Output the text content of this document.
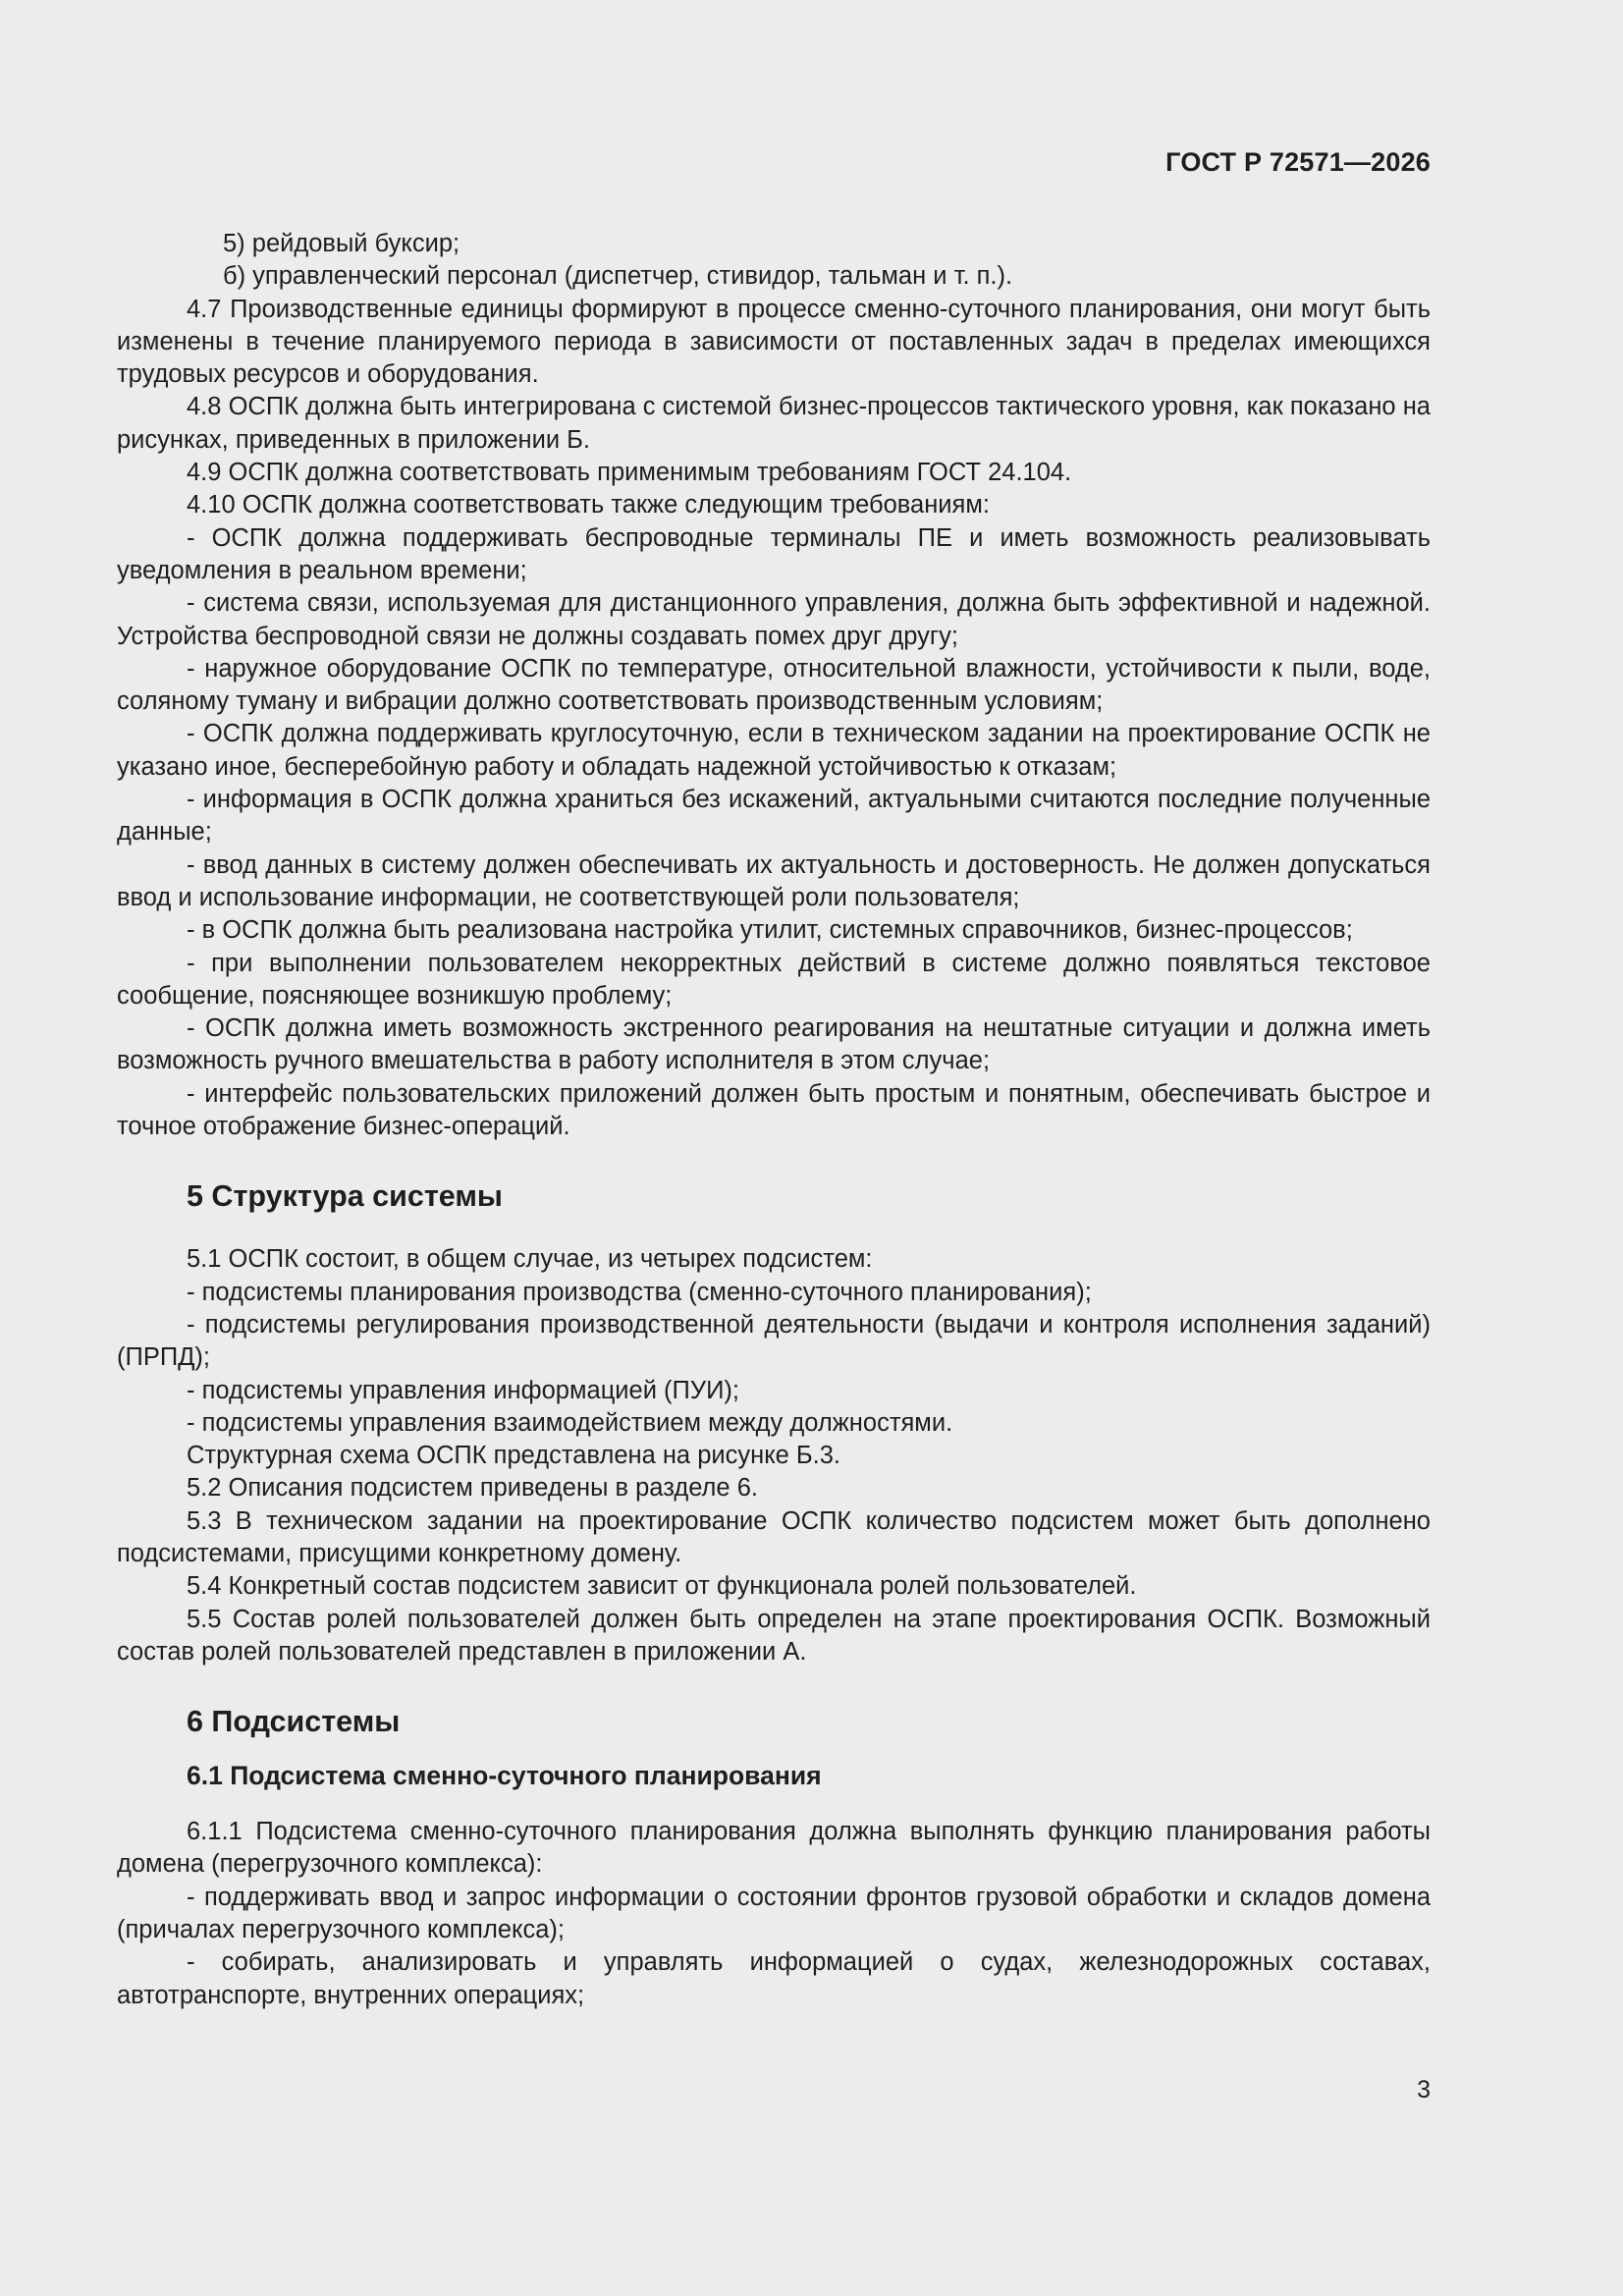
ГОСТ Р 72571—2026

5) рейдовый буксир;

б) управленческий персонал (диспетчер, стивидор, тальман и т. п.).

4.7 Производственные единицы формируют в процессе сменно-суточного планирования, они могут быть изменены в течение планируемого периода в зависимости от поставленных задач в пределах имеющихся трудовых ресурсов и оборудования.

4.8 ОСПК должна быть интегрирована с системой бизнес-процессов тактического уровня, как показано на рисунках, приведенных в приложении Б.

4.9 ОСПК должна соответствовать применимым требованиям ГОСТ 24.104.

4.10 ОСПК должна соответствовать также следующим требованиям:

- ОСПК должна поддерживать беспроводные терминалы ПЕ и иметь возможность реализовывать уведомления в реальном времени;

- система связи, используемая для дистанционного управления, должна быть эффективной и надежной. Устройства беспроводной связи не должны создавать помех друг другу;

- наружное оборудование ОСПК по температуре, относительной влажности, устойчивости к пыли, воде, соляному туману и вибрации должно соответствовать производственным условиям;

- ОСПК должна поддерживать круглосуточную, если в техническом задании на проектирование ОСПК не указано иное, бесперебойную работу и обладать надежной устойчивостью к отказам;

- информация в ОСПК должна храниться без искажений, актуальными считаются последние полученные данные;

- ввод данных в систему должен обеспечивать их актуальность и достоверность. Не должен допускаться ввод и использование информации, не соответствующей роли пользователя;

- в ОСПК должна быть реализована настройка утилит, системных справочников, бизнес-процессов;

- при выполнении пользователем некорректных действий в системе должно появляться текстовое сообщение, поясняющее возникшую проблему;

- ОСПК должна иметь возможность экстренного реагирования на нештатные ситуации и должна иметь возможность ручного вмешательства в работу исполнителя в этом случае;

- интерфейс пользовательских приложений должен быть простым и понятным, обеспечивать быстрое и точное отображение бизнес-операций.

5 Структура системы

5.1 ОСПК состоит, в общем случае, из четырех подсистем:

- подсистемы планирования производства (сменно-суточного планирования);

- подсистемы регулирования производственной деятельности (выдачи и контроля исполнения заданий) (ПРПД);

- подсистемы управления информацией (ПУИ);

- подсистемы управления взаимодействием между должностями.

Структурная схема ОСПК представлена на рисунке Б.3.

5.2 Описания подсистем приведены в разделе 6.

5.3 В техническом задании на проектирование ОСПК количество подсистем может быть дополнено подсистемами, присущими конкретному домену.

5.4 Конкретный состав подсистем зависит от функционала ролей пользователей.

5.5 Состав ролей пользователей должен быть определен на этапе проектирования ОСПК. Возможный состав ролей пользователей представлен в приложении А.

6 Подсистемы
6.1 Подсистема сменно-суточного планирования

6.1.1 Подсистема сменно-суточного планирования должна выполнять функцию планирования работы домена (перегрузочного комплекса):

- поддерживать ввод и запрос информации о состоянии фронтов грузовой обработки и складов домена (причалах перегрузочного комплекса);

- собирать, анализировать и управлять информацией о судах, железнодорожных составах, автотранспорте, внутренних операциях;

3
